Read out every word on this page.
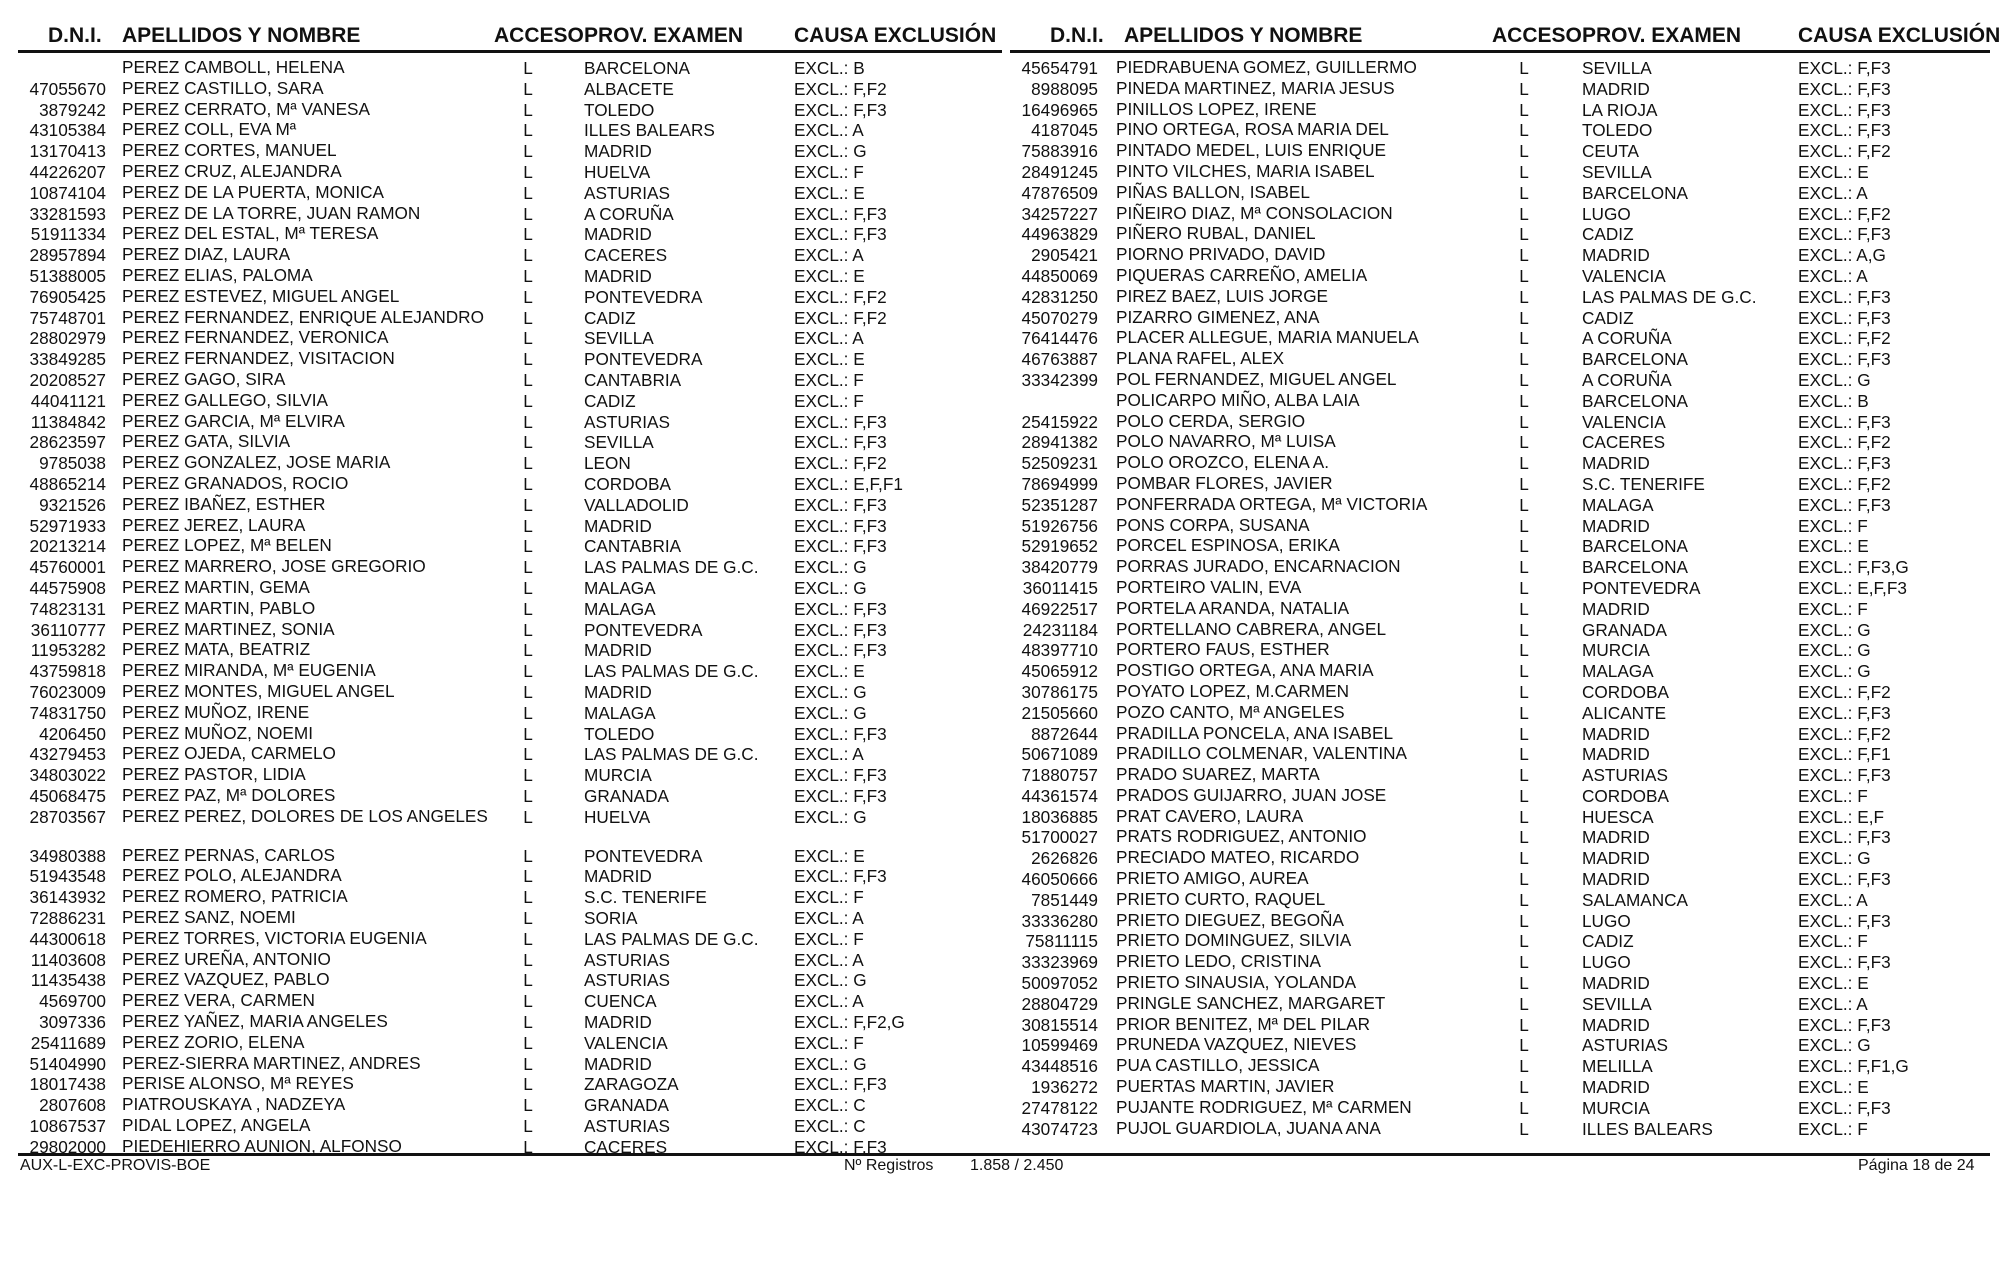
D.N.I. APELLIDOS Y NOMBRE	ACCESO PROV. EXAMEN CAUSA EXCLUSIÓN
PEREZ CAMBOLL, HELENA	L	BARCELONA	EXCL.: B
47055670 PEREZ CASTILLO, SARA	L	ALBACETE	EXCL.: F,F2
3879242 PEREZ CERRATO, Mª VANESA	L	TOLEDO	EXCL.: F,F3
43105384 PEREZ COLL, EVA Mª	L	ILLES BALEARS	EXCL.: A
13170413 PEREZ CORTES, MANUEL	L	MADRID	EXCL.: G
44226207 PEREZ CRUZ, ALEJANDRA	L	HUELVA	EXCL.: F
10874104 PEREZ DE LA PUERTA, MONICA	L	ASTURIAS	EXCL.: E
33281593 PEREZ DE LA TORRE, JUAN RAMON	L	A CORUÑA	EXCL.: F,F3
51911334 PEREZ DEL ESTAL, Mª TERESA	L	MADRID	EXCL.: F,F3
28957894 PEREZ DIAZ, LAURA	L	CACERES	EXCL.: A
51388005 PEREZ ELIAS, PALOMA	L	MADRID	EXCL.: E
76905425 PEREZ ESTEVEZ, MIGUEL ANGEL	L	PONTEVEDRA	EXCL.: F,F2
75748701 PEREZ FERNANDEZ, ENRIQUE ALEJANDRO	L	CADIZ	EXCL.: F,F2
28802979 PEREZ FERNANDEZ, VERONICA	L	SEVILLA	EXCL.: A
33849285 PEREZ FERNANDEZ, VISITACION	L	PONTEVEDRA	EXCL.: E
20208527 PEREZ GAGO, SIRA	L	CANTABRIA	EXCL.: F
44041121 PEREZ GALLEGO, SILVIA	L	CADIZ	EXCL.: F
11384842 PEREZ GARCIA, Mª ELVIRA	L	ASTURIAS	EXCL.: F,F3
28623597 PEREZ GATA, SILVIA	L	SEVILLA	EXCL.: F,F3
9785038 PEREZ GONZALEZ, JOSE MARIA	L	LEON	EXCL.: F,F2
48865214 PEREZ GRANADOS, ROCIO	L	CORDOBA	EXCL.: E,F,F1
9321526 PEREZ IBAÑEZ, ESTHER	L	VALLADOLID	EXCL.: F,F3
52971933 PEREZ JEREZ, LAURA	L	MADRID	EXCL.: F,F3
20213214 PEREZ LOPEZ, Mª BELEN	L	CANTABRIA	EXCL.: F,F3
45760001 PEREZ MARRERO, JOSE GREGORIO	L	LAS PALMAS DE G.C. EXCL.: G
44575908 PEREZ MARTIN, GEMA	L	MALAGA	EXCL.: G
74823131 PEREZ MARTIN, PABLO	L	MALAGA	EXCL.: F,F3
36110777 PEREZ MARTINEZ, SONIA	L	PONTEVEDRA	EXCL.: F,F3
11953282 PEREZ MATA, BEATRIZ	L	MADRID	EXCL.: F,F3
43759818 PEREZ MIRANDA, Mª EUGENIA	L	LAS PALMAS DE G.C. EXCL.: E
76023009 PEREZ MONTES, MIGUEL ANGEL	L	MADRID	EXCL.: G
74831750 PEREZ MUÑOZ, IRENE	L	MALAGA	EXCL.: G
4206450 PEREZ MUÑOZ, NOEMI	L	TOLEDO	EXCL.: F,F3
43279453 PEREZ OJEDA, CARMELO	L	LAS PALMAS DE G.C. EXCL.: A
34803022 PEREZ PASTOR, LIDIA	L	MURCIA	EXCL.: F,F3
45068475 PEREZ PAZ, Mª DOLORES	L	GRANADA	EXCL.: F,F3
28703567 PEREZ PEREZ, DOLORES DE LOS ANGELES	L	HUELVA	EXCL.: G
34980388 PEREZ PERNAS, CARLOS	L	PONTEVEDRA	EXCL.: E
51943548 PEREZ POLO, ALEJANDRA	L	MADRID	EXCL.: F,F3
36143932 PEREZ ROMERO, PATRICIA	L	S.C. TENERIFE	EXCL.: F
72886231 PEREZ SANZ, NOEMI	L	SORIA	EXCL.: A
44300618 PEREZ TORRES, VICTORIA EUGENIA	L	LAS PALMAS DE G.C. EXCL.: F
11403608 PEREZ UREÑA, ANTONIO	L	ASTURIAS	EXCL.: A
11435438 PEREZ VAZQUEZ, PABLO	L	ASTURIAS	EXCL.: G
4569700 PEREZ VERA, CARMEN	L	CUENCA	EXCL.: A
3097336 PEREZ YAÑEZ, MARIA ANGELES	L	MADRID	EXCL.: F,F2,G
25411689 PEREZ ZORIO, ELENA	L	VALENCIA	EXCL.: F
51404990 PEREZ-SIERRA MARTINEZ, ANDRES	L	MADRID	EXCL.: G
18017438 PERISE ALONSO, Mª REYES	L	ZARAGOZA	EXCL.: F,F3
2807608 PIATROUSKAYA , NADZEYA	L	GRANADA	EXCL.: C
10867537 PIDAL LOPEZ, ANGELA	L	ASTURIAS	EXCL.: C
29802000 PIEDEHIERRO AUNION, ALFONSO	L	CACERES	EXCL.: F,F3
D.N.I. APELLIDOS Y NOMBRE	ACCESO PROV. EXAMEN	CAUSA EXCLUSIÓN
45654791 PIEDRABUENA GOMEZ, GUILLERMO	L	SEVILLA	EXCL.: F,F3
8988095 PINEDA MARTINEZ, MARIA JESUS	L	MADRID	EXCL.: F,F3
16496965 PINILLOS LOPEZ, IRENE	L	LA RIOJA	EXCL.: F,F3
4187045 PINO ORTEGA, ROSA MARIA DEL	L	TOLEDO	EXCL.: F,F3
75883916 PINTADO MEDEL, LUIS ENRIQUE	L	CEUTA	EXCL.: F,F2
28491245 PINTO VILCHES, MARIA ISABEL	L	SEVILLA	EXCL.: E
47876509 PIÑAS BALLON, ISABEL	L	BARCELONA	EXCL.: A
34257227 PIÑEIRO DIAZ, Mª CONSOLACION	L	LUGO	EXCL.: F,F2
44963829 PIÑERO RUBAL, DANIEL	L	CADIZ	EXCL.: F,F3
2905421 PIORNO PRIVADO, DAVID	L	MADRID	EXCL.: A,G
44850069 PIQUERAS CARREÑO, AMELIA	L	VALENCIA	EXCL.: A
42831250 PIREZ BAEZ, LUIS JORGE	L	LAS PALMAS DE G.C. EXCL.: F,F3
45070279 PIZARRO GIMENEZ, ANA	L	CADIZ	EXCL.: F,F3
76414476 PLACER ALLEGUE, MARIA MANUELA	L	A CORUÑA	EXCL.: F,F2
46763887 PLANA RAFEL, ALEX	L	BARCELONA	EXCL.: F,F3
33342399 POL FERNANDEZ, MIGUEL ANGEL	L	A CORUÑA	EXCL.: G
POLICARPO MIÑO, ALBA LAIA	L	BARCELONA	EXCL.: B
25415922 POLO CERDA, SERGIO	L	VALENCIA	EXCL.: F,F3
28941382 POLO NAVARRO, Mª LUISA	L	CACERES	EXCL.: F,F2
52509231 POLO OROZCO, ELENA A.	L	MADRID	EXCL.: F,F3
78694999 POMBAR FLORES, JAVIER	L	S.C. TENERIFE	EXCL.: F,F2
52351287 PONFERRADA ORTEGA, Mª VICTORIA	L	MALAGA	EXCL.: F,F3
51926756 PONS CORPA, SUSANA	L	MADRID	EXCL.: F
52919652 PORCEL ESPINOSA, ERIKA	L	BARCELONA	EXCL.: E
38420779 PORRAS JURADO, ENCARNACION	L	BARCELONA	EXCL.: F,F3,G
36011415 PORTEIRO VALIN, EVA	L	PONTEVEDRA	EXCL.: E,F,F3
46922517 PORTELA ARANDA, NATALIA	L	MADRID	EXCL.: F
24231184 PORTELLANO CABRERA, ANGEL	L	GRANADA	EXCL.: G
48397710 PORTERO FAUS, ESTHER	L	MURCIA	EXCL.: G
45065912 POSTIGO ORTEGA, ANA MARIA	L	MALAGA	EXCL.: G
30786175 POYATO LOPEZ, M.CARMEN	L	CORDOBA	EXCL.: F,F2
21505660 POZO CANTO, Mª ANGELES	L	ALICANTE	EXCL.: F,F3
8872644 PRADILLA PONCELA, ANA ISABEL	L	MADRID	EXCL.: F,F2
50671089 PRADILLO COLMENAR, VALENTINA	L	MADRID	EXCL.: F,F1
71880757 PRADO SUAREZ, MARTA	L	ASTURIAS	EXCL.: F,F3
44361574 PRADOS GUIJARRO, JUAN JOSE	L	CORDOBA	EXCL.: F
18036885 PRAT CAVERO, LAURA	L	HUESCA	EXCL.: E,F
51700027 PRATS RODRIGUEZ, ANTONIO	L	MADRID	EXCL.: F,F3
2626826 PRECIADO MATEO, RICARDO	L	MADRID	EXCL.: G
46050666 PRIETO AMIGO, AUREA	L	MADRID	EXCL.: F,F3
7851449 PRIETO CURTO, RAQUEL	L	SALAMANCA	EXCL.: A
33336280 PRIETO DIEGUEZ, BEGOÑA	L	LUGO	EXCL.: F,F3
75811115 PRIETO DOMINGUEZ, SILVIA	L	CADIZ	EXCL.: F
33323969 PRIETO LEDO, CRISTINA	L	LUGO	EXCL.: F,F3
50097052 PRIETO SINAUSIA, YOLANDA	L	MADRID	EXCL.: E
28804729 PRINGLE SANCHEZ, MARGARET	L	SEVILLA	EXCL.: A
30815514 PRIOR BENITEZ, Mª DEL PILAR	L	MADRID	EXCL.: F,F3
10599469 PRUNEDA VAZQUEZ, NIEVES	L	ASTURIAS	EXCL.: G
43448516 PUA CASTILLO, JESSICA	L	MELILLA	EXCL.: F,F1,G
1936272 PUERTAS MARTIN, JAVIER	L	MADRID	EXCL.: E
27478122 PUJANTE RODRIGUEZ, Mª CARMEN	L	MURCIA	EXCL.: F,F3
43074723 PUJOL GUARDIOLA, JUANA ANA	L	ILLES BALEARS	EXCL.: F
AUX-L-EXC-PROVIS-BOE	Nº Registros 1.858 / 2.450	Página 18 de 24
